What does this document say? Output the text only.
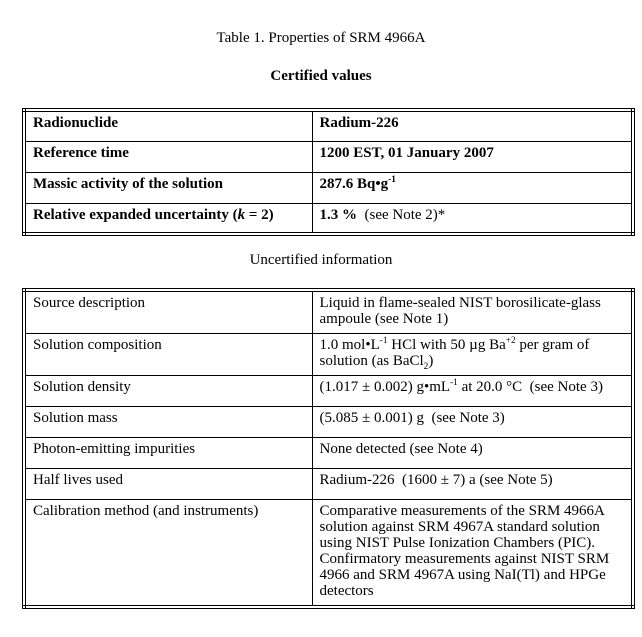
Table 1. Properties of SRM 4966A
Certified values
Radionuclide	Radium-226
Reference time	1200 EST, 01 January 2007
Massic activity of the solution	287.6 $Bq•g^{-1}$
Relative expanded uncertainty (k = 2)	1.3 %  (see Note 2)*
Uncertified information
Source description	Liquid in flame-sealed NIST borosilicate-glass ampoule (see Note 1)
Solution composition	1.0 $mol•L^{-1}$ HCl with 50 µg $Ba^{+2}$ per gram of solution (as BaCl$_2$)
Solution density	(1.017 ± 0.002) $g•mL^{-1}$ at 20.0 °C  (see Note 3)
Solution mass	(5.085 ± 0.001) g  (see Note 3)
Photon-emitting impurities	None detected (see Note 4)
Half lives used	Radium-226  (1600 ± 7) a (see Note 5)
Calibration method (and instruments)	Comparative measurements of the SRM 4966A solution against SRM 4967A standard solution using NIST Pulse Ionization Chambers (PIC).  Confirmatory measurements against NIST SRM 4966 and SRM 4967A using NaI(Tl) and HPGe detectors
